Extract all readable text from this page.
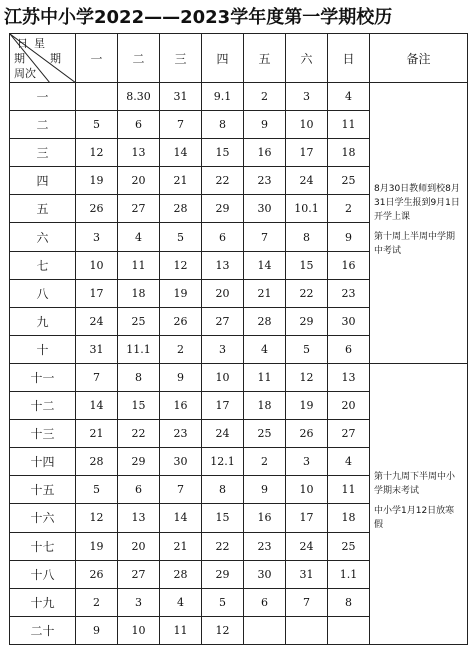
江苏中小学2022——2023学年度第一学期校历
日 星
期
期
周次	一	二	三	四	五	六	日	备注
一		8.30	31	9.1	2	3	4	8月30日教师到校8月31日学生报到9月1日开学上课

第十周上半周中学期中考试

二	5	6	7	8	9	10	11	
三	12	13	14	15	16	17	18	
四	19	20	21	22	23	24	25	
五	26	27	28	29	30	10.1	2	
六	3	4	5	6	7	8	9	
七	10	11	12	13	14	15	16	
八	17	18	19	20	21	22	23	
九	24	25	26	27	28	29	30	
十	31	11.1	2	3	4	5	6	
十一	7	8	9	10	11	12	13	第十九周下半周中小学期末考试

中小学1月12日放寒假

十二	14	15	16	17	18	19	20	
十三	21	22	23	24	25	26	27	
十四	28	29	30	12.1	2	3	4	
十五	5	6	7	8	9	10	11	
十六	12	13	14	15	16	17	18	
十七	19	20	21	22	23	24	25	
十八	26	27	28	29	30	31	1.1	
十九	2	3	4	5	6	7	8	
二十	9	10	11	12				
